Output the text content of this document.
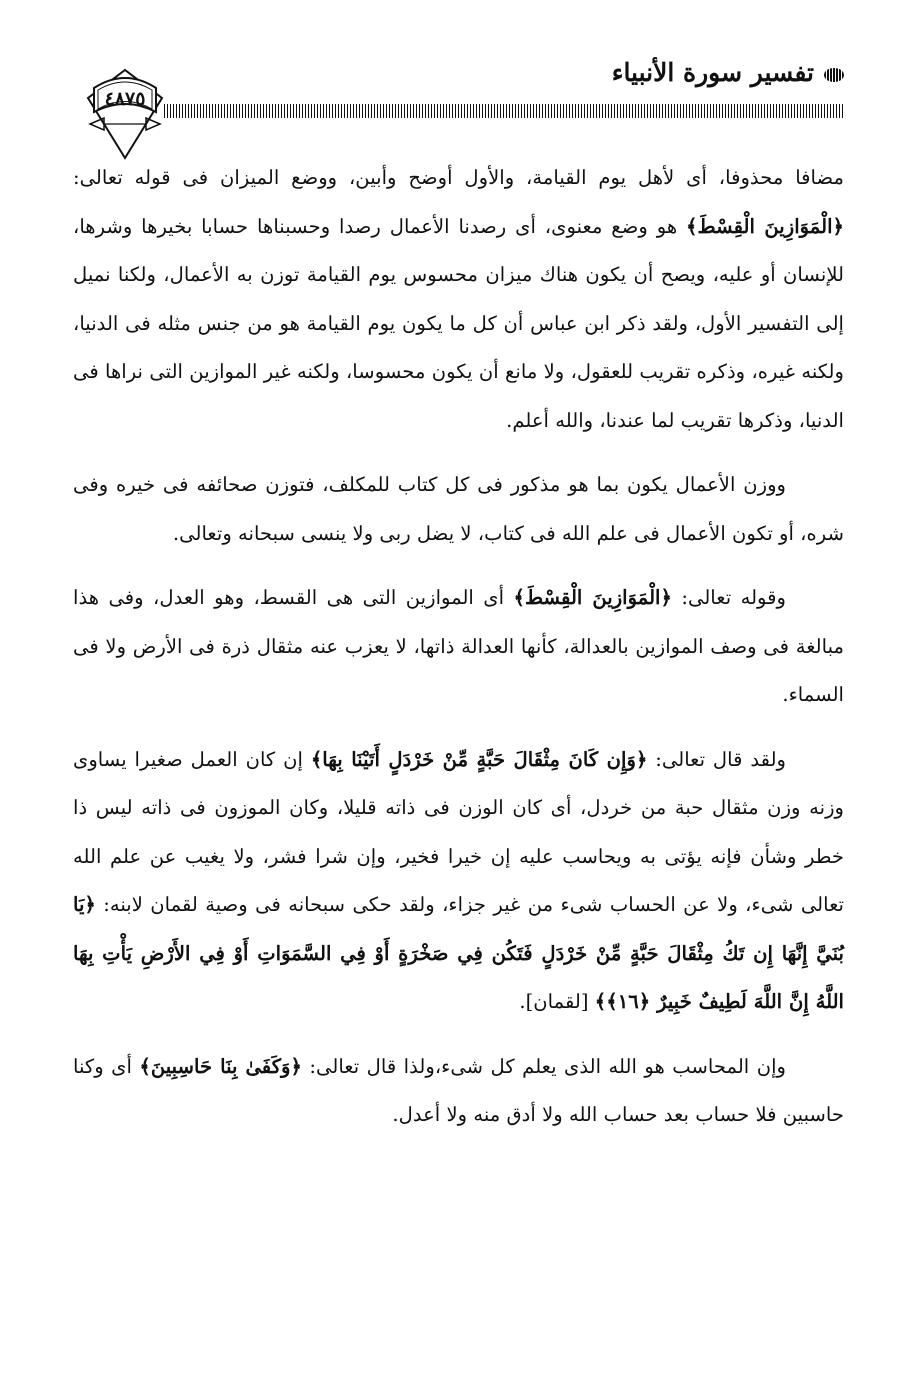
تفسير سورة الأنبياء
٤٨٧٥

مضافا محذوفا، أى لأهل يوم القيامة، والأول أوضح وأبين، ووضع الميزان فى قوله تعالى: ﴿الْمَوَازِينَ الْقِسْطَ﴾ هو وضع معنوى، أى رصدنا الأعمال رصدا وحسبناها حسابا بخيرها وشرها، للإنسان أو عليه، ويصح أن يكون هناك ميزان محسوس يوم القيامة توزن به الأعمال، ولكنا نميل إلى التفسير الأول، ولقد ذكر ابن عباس أن كل ما يكون يوم القيامة هو من جنس مثله فى الدنيا، ولكنه غيره، وذكره تقريب للعقول، ولا مانع أن يكون محسوسا، ولكنه غير الموازين التى نراها فى الدنيا، وذكرها تقريب لما عندنا، والله أعلم.

ووزن الأعمال يكون بما هو مذكور فى كل كتاب للمكلف، فتوزن صحائفه فى خيره وفى شره، أو تكون الأعمال فى علم الله فى كتاب، لا يضل ربى ولا ينسى سبحانه وتعالى.

وقوله تعالى: ﴿الْمَوَازِينَ الْقِسْطَ﴾ أى الموازين التى هى القسط، وهو العدل، وفى هذا مبالغة فى وصف الموازين بالعدالة، كأنها العدالة ذاتها، لا يعزب عنه مثقال ذرة فى الأرض ولا فى السماء.

ولقد قال تعالى: ﴿وَإِن كَانَ مِثْقَالَ حَبَّةٍ مِّنْ خَرْدَلٍ أَتَيْنَا بِهَا﴾ إن كان العمل صغيرا يساوى وزنه وزن مثقال حبة من خردل، أى كان الوزن فى ذاته قليلا، وكان الموزون فى ذاته ليس ذا خطر وشأن فإنه يؤتى به ويحاسب عليه إن خيرا فخير، وإن شرا فشر، ولا يغيب عن علم الله تعالى شىء، ولا عن الحساب شىء من غير جزاء، ولقد حكى سبحانه فى وصية لقمان لابنه: ﴿يَا بُنَيَّ إِنَّهَا إِن تَكُ مِثْقَالَ حَبَّةٍ مِّنْ خَرْدَلٍ فَتَكُن فِي صَخْرَةٍ أَوْ فِي السَّمَوَاتِ أَوْ فِي الأَرْضِ يَأْتِ بِهَا اللَّهُ إِنَّ اللَّهَ لَطِيفٌ خَبِيرٌ ﴿١٦﴾﴾ [لقمان].

وإن المحاسب هو الله الذى يعلم كل شىء،ولذا قال تعالى: ﴿وَكَفَىٰ بِنَا حَاسِبِينَ﴾ أى وكنا حاسبين فلا حساب بعد حساب الله ولا أدق منه ولا أعدل.
